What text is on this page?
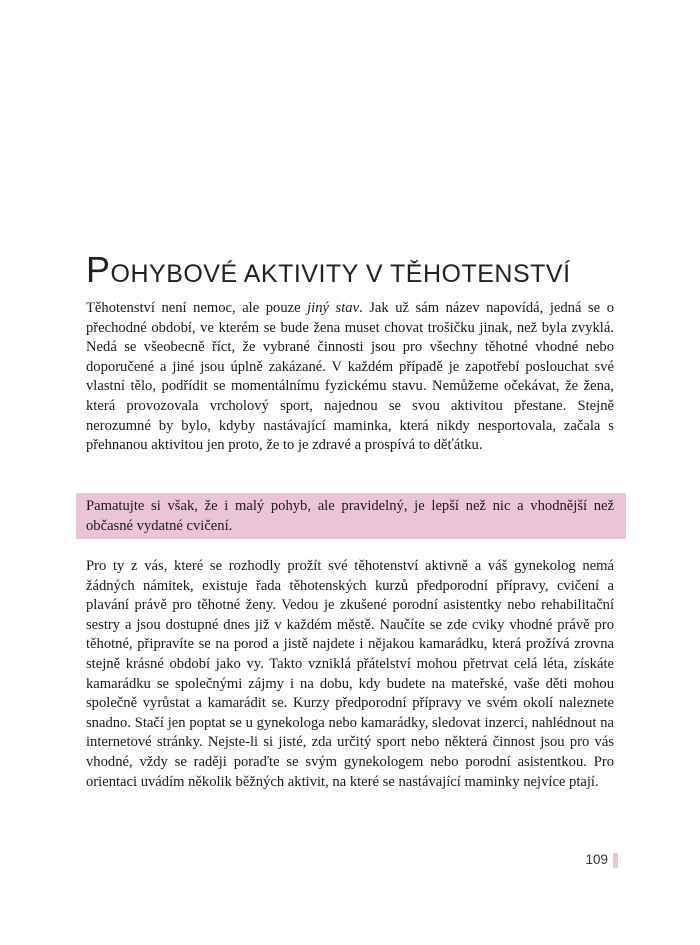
POHYBOVÉ AKTIVITY V TĚHOTENSTVÍ

Těhotenství není nemoc, ale pouze jiný stav. Jak už sám název napovídá, jedná se o přechodné období, ve kterém se bude žena muset chovat trošičku jinak, než byla zvyklá. Nedá se všeobecně říct, že vybrané činnosti jsou pro všechny těhotné vhodné nebo doporučené a jiné jsou úplně zakázané. V každém případě je zapotřebí poslouchat své vlastní tělo, podřídit se momentálnímu fyzickému stavu. Nemůžeme očekávat, že žena, která provozovala vrcholový sport, najednou se svou aktivitou přestane. Stejně nerozumné by bylo, kdyby nastávající maminka, která nikdy nesportovala, začala s přehnanou aktivitou jen proto, že to je zdravé a prospívá to děťátku.

Pamatujte si však, že i malý pohyb, ale pravidelný, je lepší než nic a vhodnější než občasné vydatné cvičení.

Pro ty z vás, které se rozhodly prožít své těhotenství aktivně a váš gynekolog nemá žádných námitek, existuje řada těhotenských kurzů předporodní přípravy, cvičení a plavání právě pro těhotné ženy. Vedou je zkušené porodní asistentky nebo rehabilitační sestry a jsou dostupné dnes již v každém městě. Naučíte se zde cviky vhodné právě pro těhotné, připravíte se na porod a jistě najdete i nějakou kamarádku, která prožívá zrovna stejně krásné období jako vy. Takto vzniklá přátelství mohou přetrvat celá léta, získáte kamarádku se společnými zájmy i na dobu, kdy budete na mateřské, vaše děti mohou společně vyrůstat a kamarádit se. Kurzy předporodní přípravy ve svém okolí naleznete snadno. Stačí jen poptat se u gynekologa nebo kamarádky, sledovat inzerci, nahlédnout na internetové stránky. Nejste-li si jisté, zda určitý sport nebo některá činnost jsou pro vás vhodné, vždy se raději poraďte se svým gynekologem nebo porodní asistentkou. Pro orientaci uvádím několik běžných aktivit, na které se nastávající maminky nejvíce ptají.

109
